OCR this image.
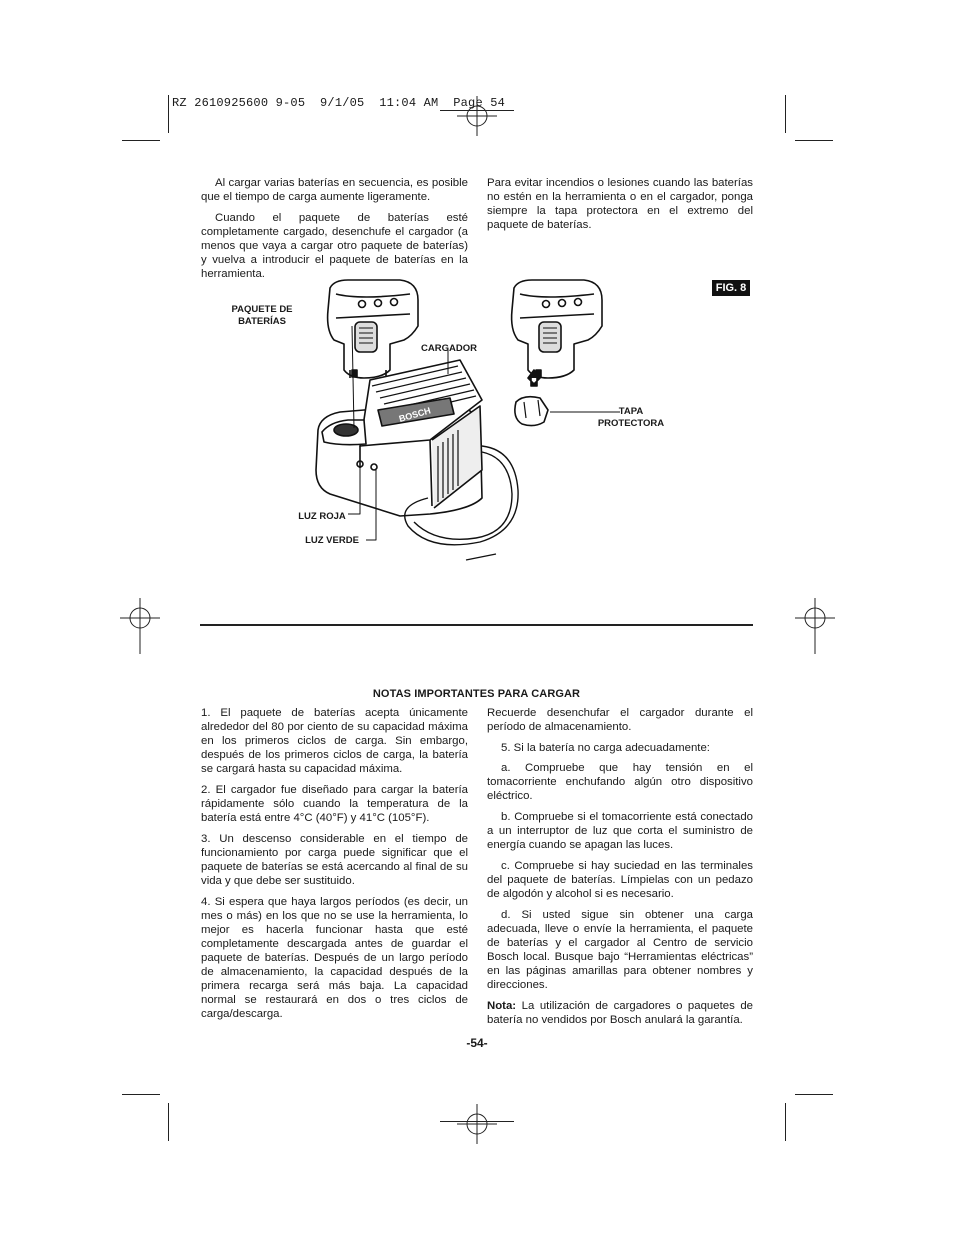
RZ 2610925600 9-05  9/1/05  11:04 AM  Page 54

Al cargar varias baterías en secuencia, es posible que el tiempo de carga aumente ligeramente.

Cuando el paquete de baterías esté completamente cargado, desenchufe el cargador (a menos que vaya a cargar otro paquete de baterías) y vuelva a introducir el paquete de baterías en la herramienta.

Para evitar incendios o lesiones cuando las baterías no estén en la herramienta o en el cargador, ponga siempre la tapa protectora en el extremo del paquete de baterías.

FIG. 8
BOSCH
PAQUETE DE BATERÍAS
CARGADOR
TAPA PROTECTORA
LUZ ROJA
LUZ VERDE
NOTAS IMPORTANTES PARA CARGAR

1. El paquete de baterías acepta únicamente alrededor del 80 por ciento de su capacidad máxima en los primeros ciclos de carga. Sin embargo, después de los primeros ciclos de carga, la batería se cargará hasta su capacidad máxima.

2. El cargador fue diseñado para cargar la batería rápidamente sólo cuando la temperatura de la batería está entre 4°C (40°F) y 41°C (105°F).

3. Un descenso considerable en el tiempo de funcionamiento por carga puede significar que el paquete de baterías se está acercando al final de su vida y que debe ser sustituido.

4. Si espera que haya largos períodos (es decir, un mes o más) en los que no se use la herramienta, lo mejor es hacerla funcionar hasta que esté completamente descargada antes de guardar el paquete de baterías. Después de un largo período de almacenamiento, la capacidad después de la primera recarga será más baja. La capacidad normal se restaurará en dos o tres ciclos de carga/descarga.

Recuerde desenchufar el cargador durante el período de almacenamiento.

5. Si la batería no carga adecuadamente:

a. Compruebe que hay tensión en el tomacorriente enchufando algún otro dispositivo eléctrico.

b. Compruebe si el tomacorriente está conectado a un interruptor de luz que corta el suministro de energía cuando se apagan las luces.

c. Compruebe si hay suciedad en las terminales del paquete de baterías. Límpielas con un pedazo de algodón y alcohol si es necesario.

d. Si usted sigue sin obtener una carga adecuada, lleve o envíe la herramienta, el paquete de baterías y el cargador al Centro de servicio Bosch local. Busque bajo “Herramientas eléctricas” en las páginas amarillas para obtener nombres y direcciones.

Nota: La utilización de cargadores o paquetes de batería no vendidos por Bosch anulará la garantía.

-54-
